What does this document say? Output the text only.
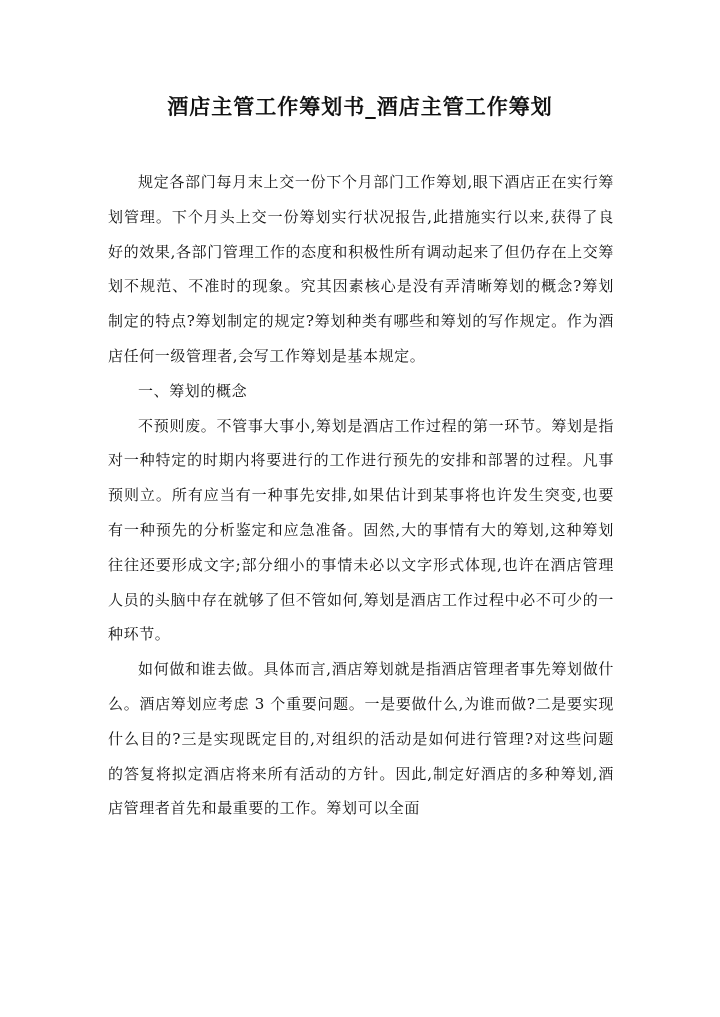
酒店主管工作筹划书_酒店主管工作筹划

规定各部门每月末上交一份下个月部门工作筹划,眼下酒店正在实行筹划管理。下个月头上交一份筹划实行状况报告,此措施实行以来,获得了良好的效果,各部门管理工作的态度和积极性所有调动起来了但仍存在上交筹划不规范、不准时的现象。究其因素核心是没有弄清晰筹划的概念?筹划制定的特点?筹划制定的规定?筹划种类有哪些和筹划的写作规定。作为酒店任何一级管理者,会写工作筹划是基本规定。

一、筹划的概念

不预则废。不管事大事小,筹划是酒店工作过程的第一环节。筹划是指对一种特定的时期内将要进行的工作进行预先的安排和部署的过程。凡事预则立。所有应当有一种事先安排,如果估计到某事将也许发生突变,也要有一种预先的分析鉴定和应急准备。固然,大的事情有大的筹划,这种筹划往往还要形成文字;部分细小的事情未必以文字形式体现,也许在酒店管理人员的头脑中存在就够了但不管如何,筹划是酒店工作过程中必不可少的一种环节。

如何做和谁去做。具体而言,酒店筹划就是指酒店管理者事先筹划做什么。酒店筹划应考虑 3 个重要问题。一是要做什么,为谁而做?二是要实现什么目的?三是实现既定目的,对组织的活动是如何进行管理?对这些问题的答复将拟定酒店将来所有活动的方针。因此,制定好酒店的多种筹划,酒店管理者首先和最重要的工作。筹划可以全面
